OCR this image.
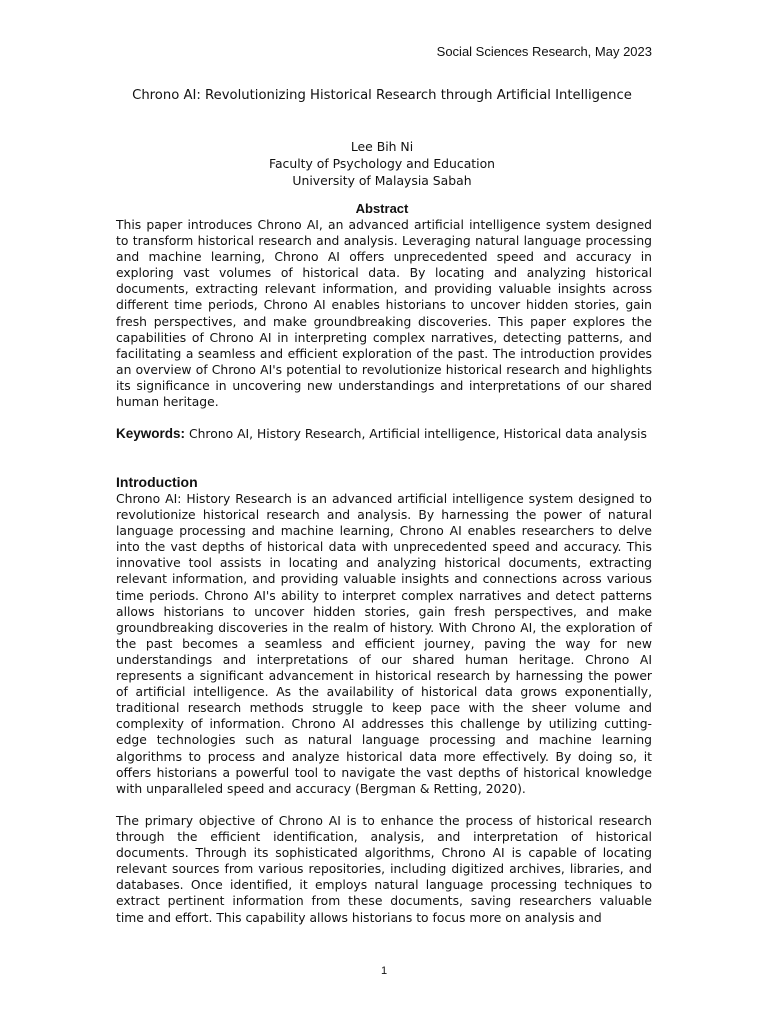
Social Sciences Research, May 2023
Chrono AI: Revolutionizing Historical Research through Artificial Intelligence
Lee Bih Ni
Faculty of Psychology and Education
University of Malaysia Sabah
Abstract
This paper introduces Chrono AI, an advanced artificial intelligence system designed to transform historical research and analysis. Leveraging natural language processing and machine learning, Chrono AI offers unprecedented speed and accuracy in exploring vast volumes of historical data. By locating and analyzing historical documents, extracting relevant information, and providing valuable insights across different time periods, Chrono AI enables historians to uncover hidden stories, gain fresh perspectives, and make groundbreaking discoveries. This paper explores the capabilities of Chrono AI in interpreting complex narratives, detecting patterns, and facilitating a seamless and efficient exploration of the past. The introduction provides an overview of Chrono AI's potential to revolutionize historical research and highlights its significance in uncovering new understandings and interpretations of our shared human heritage.
Keywords: Chrono AI, History Research, Artificial intelligence, Historical data analysis
Introduction
Chrono AI: History Research is an advanced artificial intelligence system designed to revolutionize historical research and analysis. By harnessing the power of natural language processing and machine learning, Chrono AI enables researchers to delve into the vast depths of historical data with unprecedented speed and accuracy. This innovative tool assists in locating and analyzing historical documents, extracting relevant information, and providing valuable insights and connections across various time periods. Chrono AI's ability to interpret complex narratives and detect patterns allows historians to uncover hidden stories, gain fresh perspectives, and make groundbreaking discoveries in the realm of history. With Chrono AI, the exploration of the past becomes a seamless and efficient journey, paving the way for new understandings and interpretations of our shared human heritage. Chrono AI represents a significant advancement in historical research by harnessing the power of artificial intelligence. As the availability of historical data grows exponentially, traditional research methods struggle to keep pace with the sheer volume and complexity of information. Chrono AI addresses this challenge by utilizing cutting-edge technologies such as natural language processing and machine learning algorithms to process and analyze historical data more effectively. By doing so, it offers historians a powerful tool to navigate the vast depths of historical knowledge with unparalleled speed and accuracy (Bergman & Retting, 2020).
The primary objective of Chrono AI is to enhance the process of historical research through the efficient identification, analysis, and interpretation of historical documents. Through its sophisticated algorithms, Chrono AI is capable of locating relevant sources from various repositories, including digitized archives, libraries, and databases. Once identified, it employs natural language processing techniques to extract pertinent information from these documents, saving researchers valuable time and effort. This capability allows historians to focus more on analysis and
1
